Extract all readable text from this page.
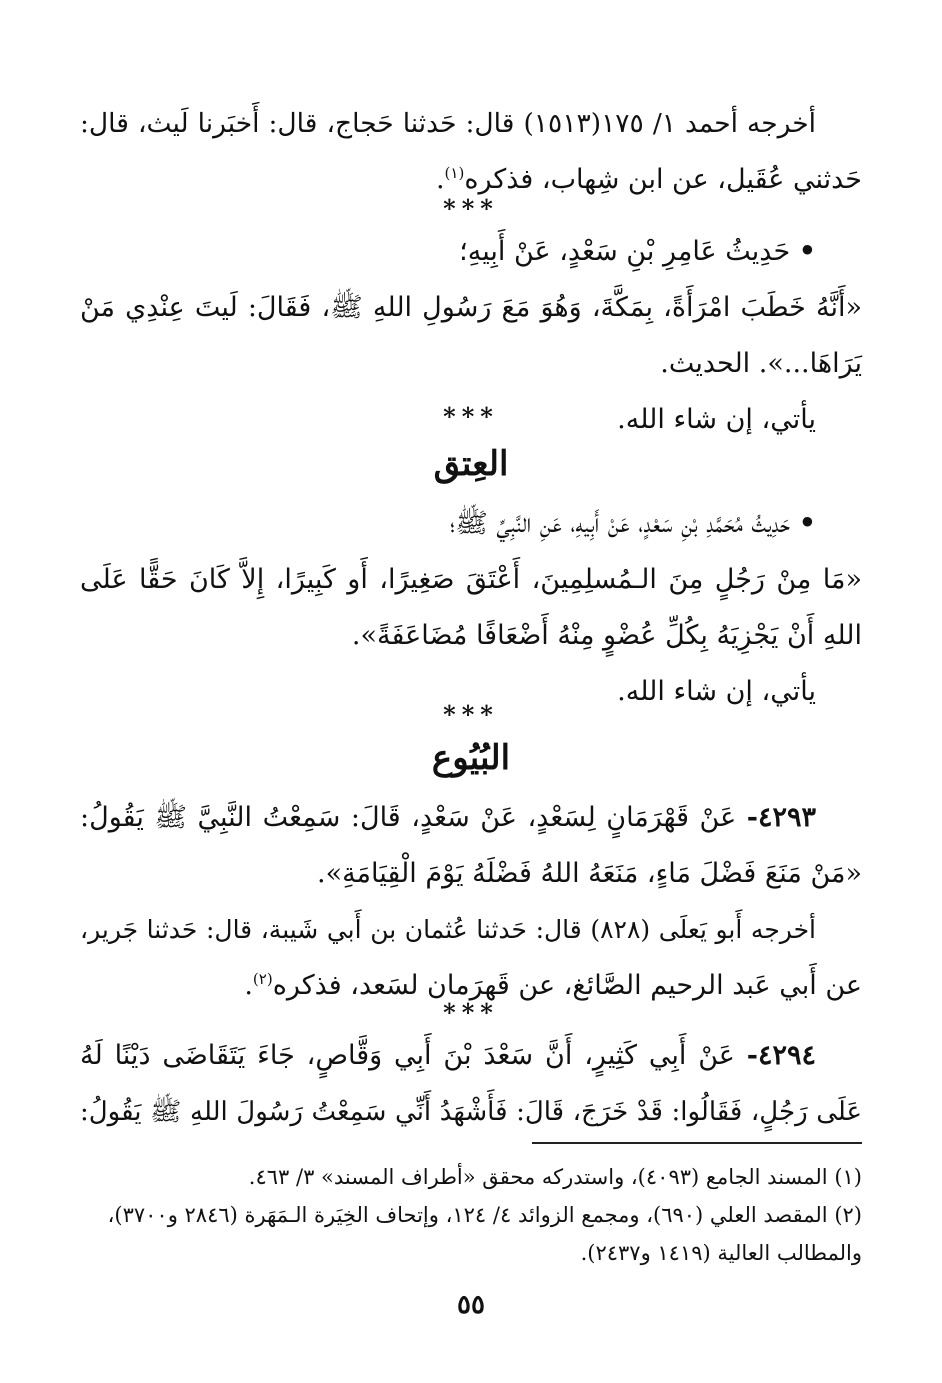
أخرجه أحمد ١/ ١٧٥(١٥١٣) قال: حَدثنا حَجاج، قال: أَخبَرنا لَيث، قال:
حَدثني عُقَيل، عن ابن شِهاب، فذكره$^{(١)}$.
***
• حَدِيثُ عَامِرِ بْنِ سَعْدٍ، عَنْ أَبِيهِ؛
«أَنَّهُ خَطَبَ امْرَأَةً، بِمَكَّةَ، وَهُوَ مَعَ رَسُولِ اللهِ ﷺ، فَقَالَ: لَيتَ عِنْدِي مَنْ
يَرَاهَا...». الحديث.
يأتي، إن شاء الله.
***
العِتق
• حَدِيثُ مُحَمَّدِ بْنِ سَعْدٍ، عَنْ أَبِيهِ، عَنِ النَّبِيِّ ﷺ؛
«مَا مِنْ رَجُلٍ مِنَ الـمُسلِمِينَ، أَعْتَقَ صَغِيرًا، أَو كَبِيرًا، إِلاَّ كَانَ حَقًّا عَلَى
اللهِ أَنْ يَجْزِيَهُ بِكُلِّ عُضْوٍ مِنْهُ أَضْعَافًا مُضَاعَفَةً».
يأتي، إن شاء الله.
***
البُيُوع
٤٢٩٣- عَنْ قَهْرَمَانٍ لِسَعْدٍ، عَنْ سَعْدٍ، قَالَ: سَمِعْتُ النَّبِيَّ ﷺ يَقُولُ:
«مَنْ مَنَعَ فَضْلَ مَاءٍ، مَنَعَهُ اللهُ فَضْلَهُ يَوْمَ الْقِيَامَةِ».
أخرجه أَبو يَعلَى (٨٢٨) قال: حَدثنا عُثمان بن أَبي شَيبة، قال: حَدثنا جَرير،
عن أَبي عَبد الرحيم الصَّائغ، عن قَهرَمان لسَعد، فذكره$^{(٢)}$.
***
٤٢٩٤- عَنْ أَبِي كَثِيرٍ، أَنَّ سَعْدَ بْنَ أَبِي وَقَّاصٍ، جَاءَ يَتَقَاضَى دَيْنًا لَهُ
عَلَى رَجُلٍ، فَقَالُوا: قَدْ خَرَجَ، قَالَ: فَأَشْهَدُ أَنِّي سَمِعْتُ رَسُولَ اللهِ ﷺ يَقُولُ:
(١) المسند الجامع (٤٠٩٣)، واستدركه محقق «أطراف المسند» ٣/ ٤٦٣.
(٢) المقصد العلي (٦٩٠)، ومجمع الزوائد ٤/ ١٢٤، وإتحاف الخِيَرة الـمَهَرة (٢٨٤٦ و٣٧٠٠)،
والمطالب العالية (١٤١٩ و٢٤٣٧).
٥٥
